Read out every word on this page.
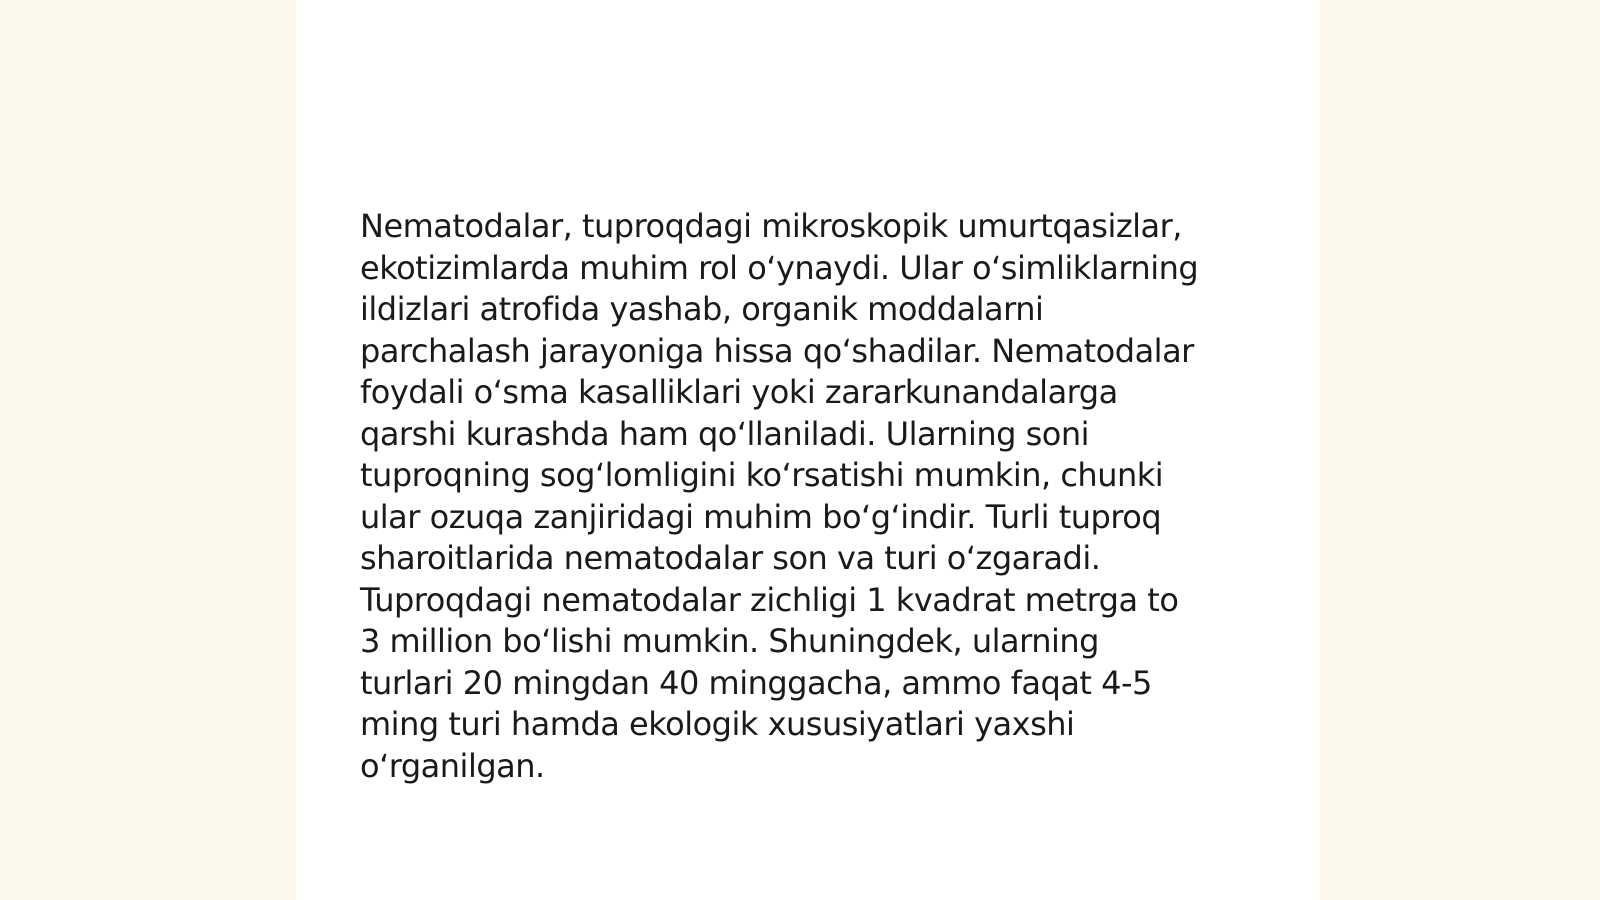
Nematodalar, tuproqdagi mikroskopik umurtqasizlar,
ekotizimlarda muhim rol oʻynaydi. Ular oʻsimliklarning
ildizlari atrofida yashab, organik moddalarni
parchalash jarayoniga hissa qoʻshadilar. Nematodalar
foydali oʻsma kasalliklari yoki zararkunandalarga
qarshi kurashda ham qoʻllaniladi. Ularning soni
tuproqning sogʻlomligini koʻrsatishi mumkin, chunki
ular ozuqa zanjiridagi muhim boʻgʻindir. Turli tuproq
sharoitlarida nematodalar son va turi oʻzgaradi.
Tuproqdagi nematodalar zichligi 1 kvadrat metrga to
3 million boʻlishi mumkin. Shuningdek, ularning
turlari 20 mingdan 40 minggacha, ammo faqat 4-5
ming turi hamda ekologik xususiyatlari yaxshi
oʻrganilgan.
